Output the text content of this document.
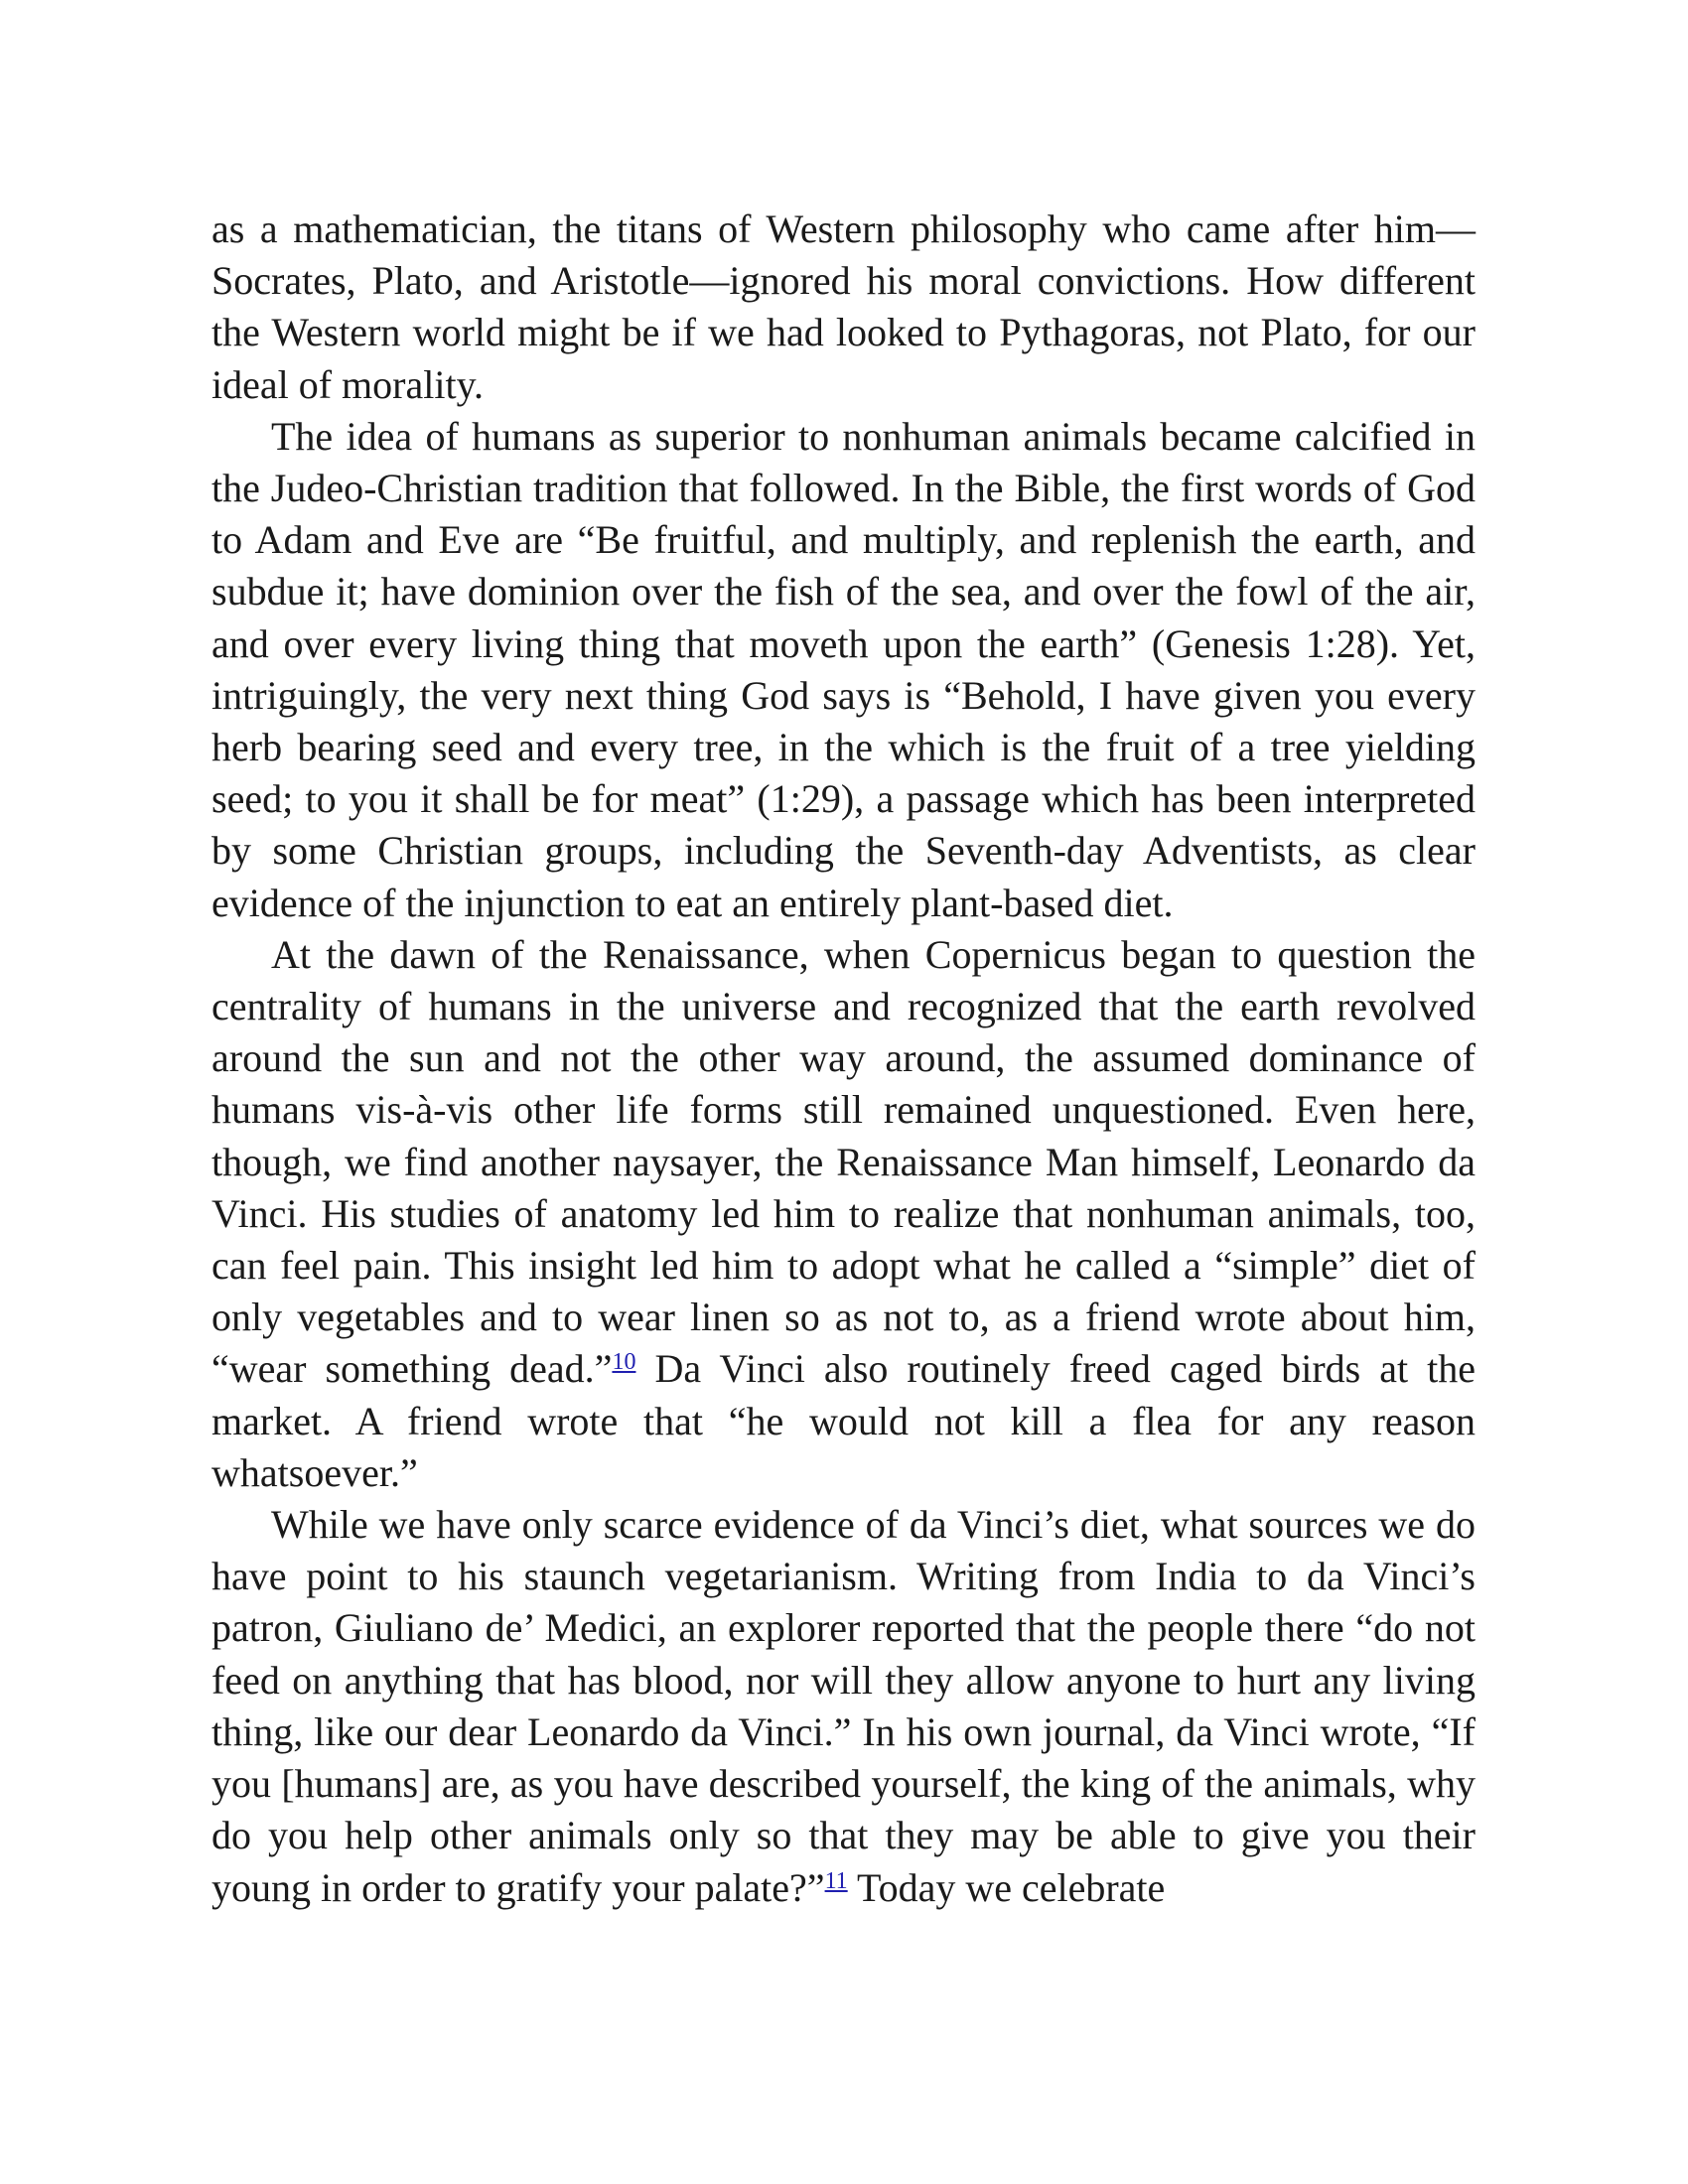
as a mathematician, the titans of Western philosophy who came after him—Socrates, Plato, and Aristotle—ignored his moral convictions. How different the Western world might be if we had looked to Pythagoras, not Plato, for our ideal of morality.

The idea of humans as superior to nonhuman animals became calcified in the Judeo-Christian tradition that followed. In the Bible, the first words of God to Adam and Eve are “Be fruitful, and multiply, and replenish the earth, and subdue it; have dominion over the fish of the sea, and over the fowl of the air, and over every living thing that moveth upon the earth” (Genesis 1:28). Yet, intriguingly, the very next thing God says is “Behold, I have given you every herb bearing seed and every tree, in the which is the fruit of a tree yielding seed; to you it shall be for meat” (1:29), a passage which has been interpreted by some Christian groups, including the Seventh-day Adventists, as clear evidence of the injunction to eat an entirely plant-based diet.

At the dawn of the Renaissance, when Copernicus began to question the centrality of humans in the universe and recognized that the earth revolved around the sun and not the other way around, the assumed dominance of humans vis-à-vis other life forms still remained unquestioned. Even here, though, we find another naysayer, the Renaissance Man himself, Leonardo da Vinci. His studies of anatomy led him to realize that nonhuman animals, too, can feel pain. This insight led him to adopt what he called a “simple” diet of only vegetables and to wear linen so as not to, as a friend wrote about him, “wear something dead.”$^{10}$ Da Vinci also routinely freed caged birds at the market. A friend wrote that “he would not kill a flea for any reason whatsoever.”

While we have only scarce evidence of da Vinci’s diet, what sources we do have point to his staunch vegetarianism. Writing from India to da Vinci’s patron, Giuliano de’ Medici, an explorer reported that the people there “do not feed on anything that has blood, nor will they allow anyone to hurt any living thing, like our dear Leonardo da Vinci.” In his own journal, da Vinci wrote, “If you [humans] are, as you have described yourself, the king of the animals, why do you help other animals only so that they may be able to give you their young in order to gratify your palate?”$^{11}$ Today we celebrate
